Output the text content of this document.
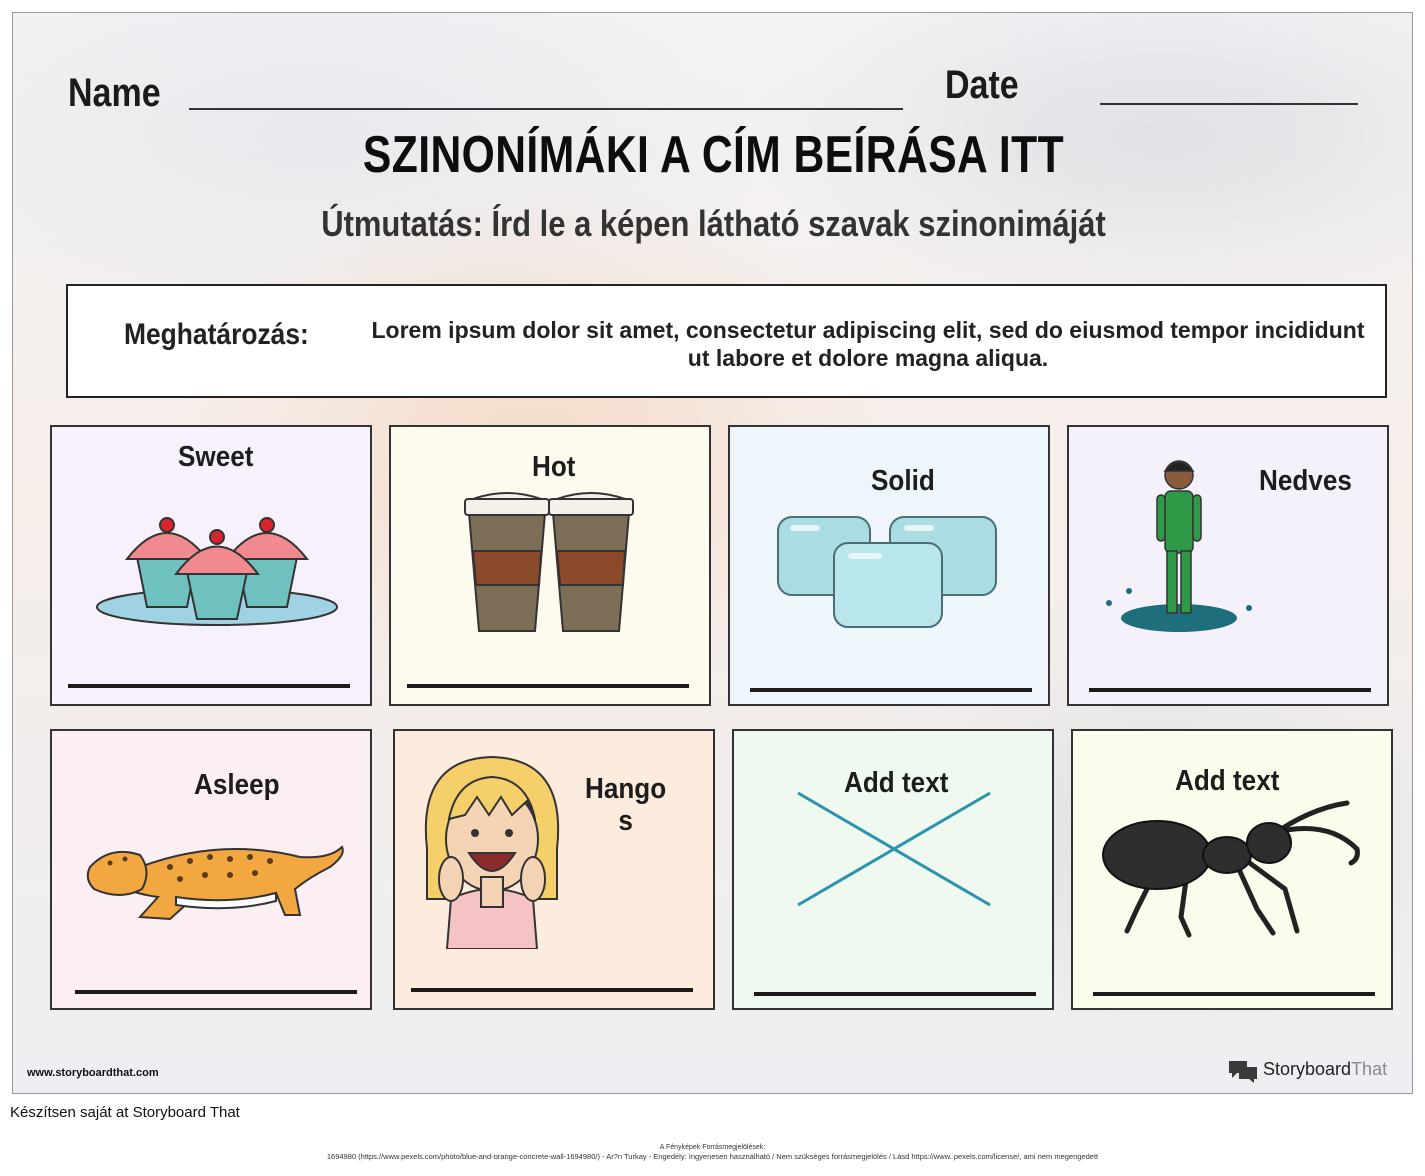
Name	Date
SZINONÍMÁKI A CÍM BEÍRÁSA ITT
Útmutatás: Írd le a képen látható szavak szinonimáját
Meghatározás:	Lorem ipsum dolor sit amet, consectetur adipiscing elit, sed do eiusmod tempor incididunt ut labore et dolore magna aliqua.
Sweet	Hot	Solid	Nedves
Asleep	Hango
s
Add text	Add text
www.storyboardthat.com	StoryboardThat
Készítsen saját at Storyboard That
A Fényképek Forrásmegjelölések:
1694980 (https://www.pexels.com/photo/blue-and-orange-concrete-wall-1694980/) - Ar?n Turkay - Engedély: Ingyenesen használható / Nem szükséges forrásmegjelölés / Lásd https://www. pexels.com/license/, ami nem megengedett
